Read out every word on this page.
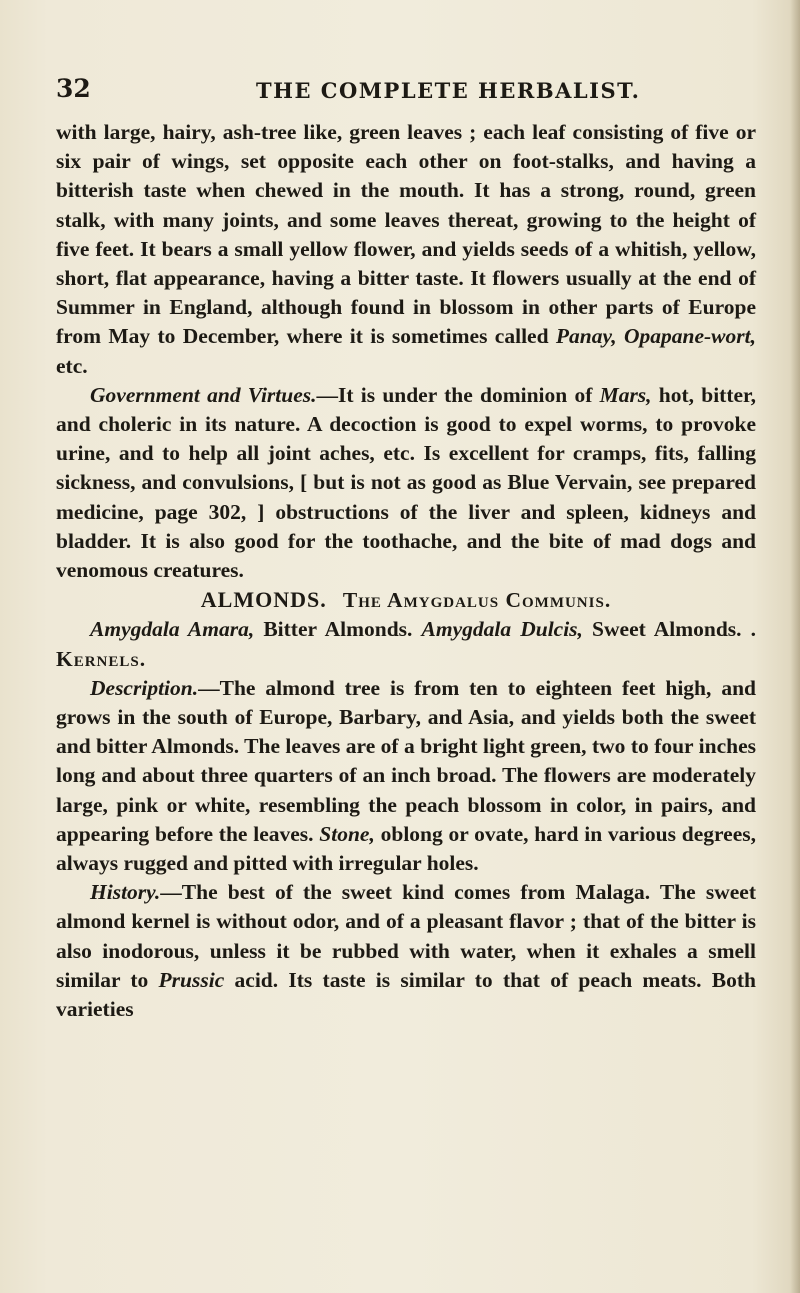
32	THE COMPLETE HERBALIST.

with large, hairy, ash-tree like, green leaves ; each leaf consisting of five or six pair of wings, set opposite each other on foot-stalks, and having a bitterish taste when chewed in the mouth. It has a strong, round, green stalk, with many joints, and some leaves thereat, growing to the height of five feet. It bears a small yellow flower, and yields seeds of a whitish, yellow, short, flat appearance, having a bitter taste. It flowers usually at the end of Summer in England, although found in blossom in other parts of Europe from May to December, where it is sometimes called Panay, Opapane-wort, etc.

Government and Virtues.—It is under the dominion of Mars, hot, bitter, and choleric in its nature. A decoction is good to expel worms, to provoke urine, and to help all joint aches, etc. Is excellent for cramps, fits, falling sickness, and convulsions, [ but is not as good as Blue Vervain, see prepared medicine, page 302, ] obstructions of the liver and spleen, kidneys and bladder. It is also good for the toothache, and the bite of mad dogs and venomous creatures.

ALMONDS. The Amygdalus Communis.

Amygdala Amara, Bitter Almonds. Amygdala Dulcis, Sweet Almonds. . Kernels.

Description.—The almond tree is from ten to eighteen feet high, and grows in the south of Europe, Barbary, and Asia, and yields both the sweet and bitter Almonds. The leaves are of a bright light green, two to four inches long and about three quarters of an inch broad. The flowers are moderately large, pink or white, resembling the peach blossom in color, in pairs, and appearing before the leaves. Stone, oblong or ovate, hard in various degrees, always rugged and pitted with irregular holes.

History.—The best of the sweet kind comes from Malaga. The sweet almond kernel is without odor, and of a pleasant flavor ; that of the bitter is also inodorous, unless it be rubbed with water, when it exhales a smell similar to Prussic acid. Its taste is similar to that of peach meats. Both varieties
